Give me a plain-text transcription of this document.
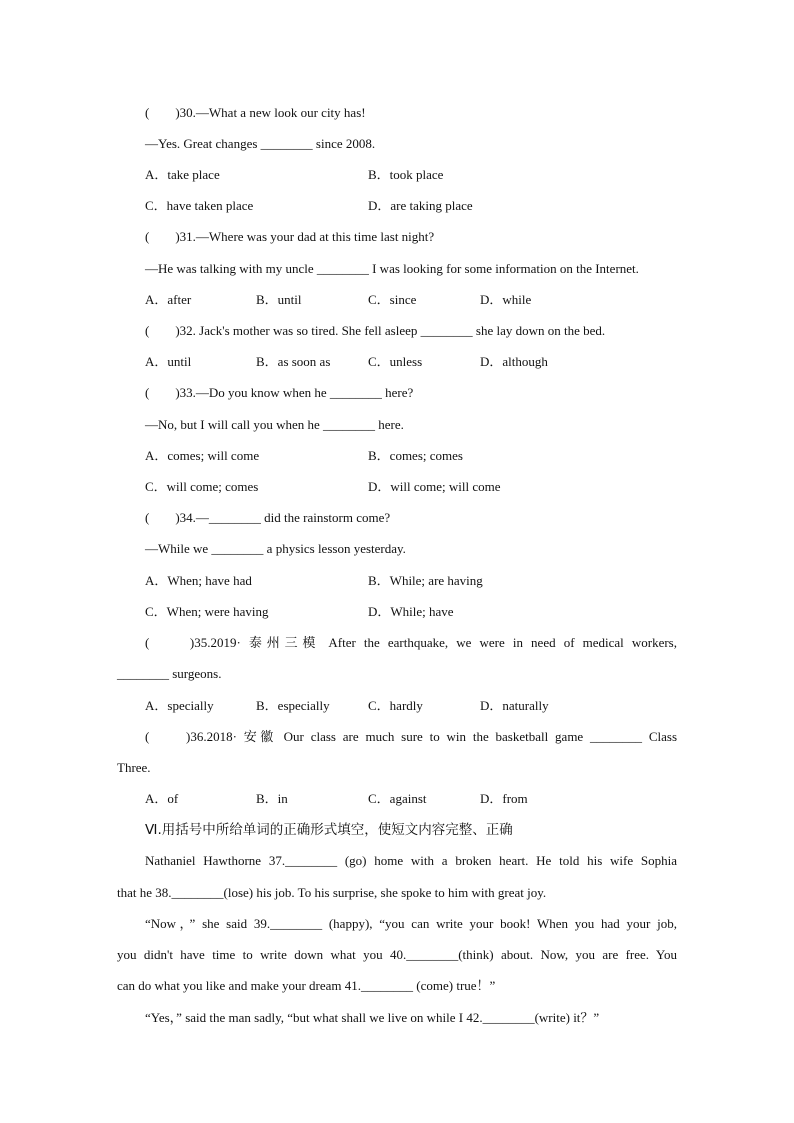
(　　)30.—What a new look our city has!
—Yes. Great changes ________ since 2008.
A．take place	B．took place
C．have taken place	D．are taking place
(　　)31.—Where was your dad at this time last night?
—He was talking with my uncle ________ I was looking for some information on the Internet.
A．after	B．until	C．since	D．while
(　　)32. Jack's mother was so tired. She fell asleep ________ she lay down on the bed.
A．until	B．as soon as	C．unless	D．although
(　　)33.—Do you know when he ________ here?
—No, but I will call you when he ________ here.
A．comes; will come	B．comes; comes
C．will come; comes	D．will come; will come
(　　)34.—________ did the rainstorm come?
—While we ________ a physics lesson yesterday.
A．When; have had	B．While; are having
C．When; were having	D．While; have
(　　)35.2019· 泰州三模 After the earthquake, we were in need of medical workers,
________ surgeons.
A．specially	B．especially	C．hardly	D．naturally
(　　)36.2018· 安徽 Our class are much sure to win the basketball game ________ Class
Three.
A．of	B．in	C．against	D．from
Ⅵ.用括号中所给单词的正确形式填空，使短文内容完整、正确
Nathaniel Hawthorne 37.________ (go) home with a broken heart. He told his wife Sophia
that he 38.________(lose) his job. To his surprise, she spoke to him with great joy.
“Now，” she said 39.________ (happy), “you can write your book! When you had your job,
you didn't have time to write down what you 40.________(think) about. Now, you are free. You
can do what you like and make your dream 41.________ (come) true！”
“Yes，” said the man sadly, “but what shall we live on while I 42.________(write) it？”
